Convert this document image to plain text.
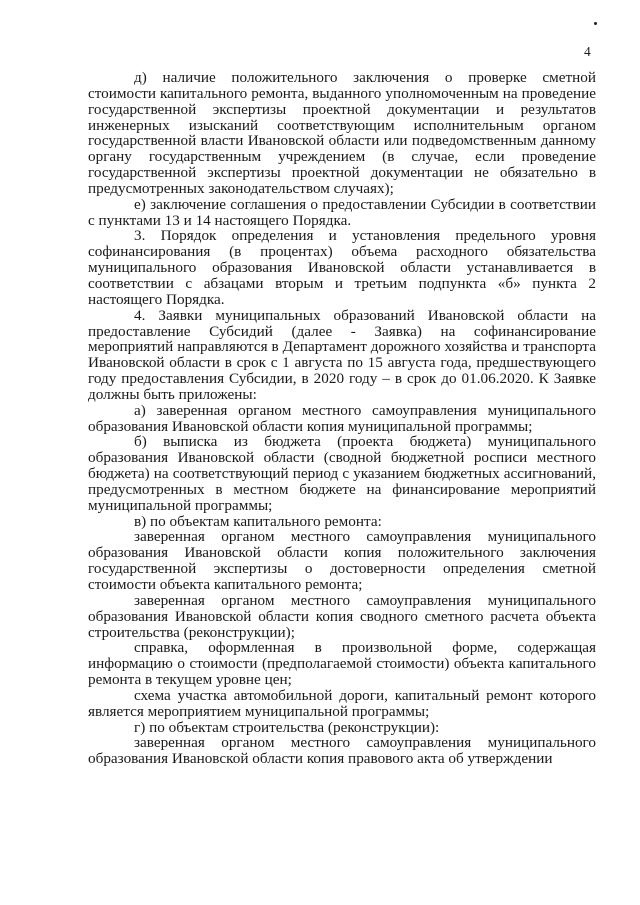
4

д) наличие положительного заключения о проверке сметной стоимости капитального ремонта, выданного уполномоченным на проведение государственной экспертизы проектной документации и результатов инженерных изысканий соответствующим исполнительным органом государственной власти Ивановской области или подведомственным данному органу государственным учреждением (в случае, если проведение государственной экспертизы проектной документации не обязательно в предусмотренных законодательством случаях);

е) заключение соглашения о предоставлении Субсидии в соответствии с пунктами 13 и 14 настоящего Порядка.

3. Порядок определения и установления предельного уровня софинансирования (в процентах) объема расходного обязательства муниципального образования Ивановской области устанавливается в соответствии с абзацами вторым и третьим подпункта «б» пункта 2 настоящего Порядка.

4. Заявки муниципальных образований Ивановской области на предоставление Субсидий (далее - Заявка) на софинансирование мероприятий направляются в Департамент дорожного хозяйства и транспорта Ивановской области в срок с 1 августа по 15 августа года, предшествующего году предоставления Субсидии, в 2020 году – в срок до 01.06.2020. К Заявке должны быть приложены:

а) заверенная органом местного самоуправления муниципального образования Ивановской области копия муниципальной программы;

б) выписка из бюджета (проекта бюджета) муниципального образования Ивановской области (сводной бюджетной росписи местного бюджета) на соответствующий период с указанием бюджетных ассигнований, предусмотренных в местном бюджете на финансирование мероприятий муниципальной программы;

в) по объектам капитального ремонта:

заверенная органом местного самоуправления муниципального образования Ивановской области копия положительного заключения государственной экспертизы о достоверности определения сметной стоимости объекта капитального ремонта;

заверенная органом местного самоуправления муниципального образования Ивановской области копия сводного сметного расчета объекта строительства (реконструкции);

справка, оформленная в произвольной форме, содержащая информацию о стоимости (предполагаемой стоимости) объекта капитального ремонта в текущем уровне цен;

схема участка автомобильной дороги, капитальный ремонт которого является мероприятием муниципальной программы;

г) по объектам строительства (реконструкции):

заверенная органом местного самоуправления муниципального образования Ивановской области копия правового акта об утверждении
